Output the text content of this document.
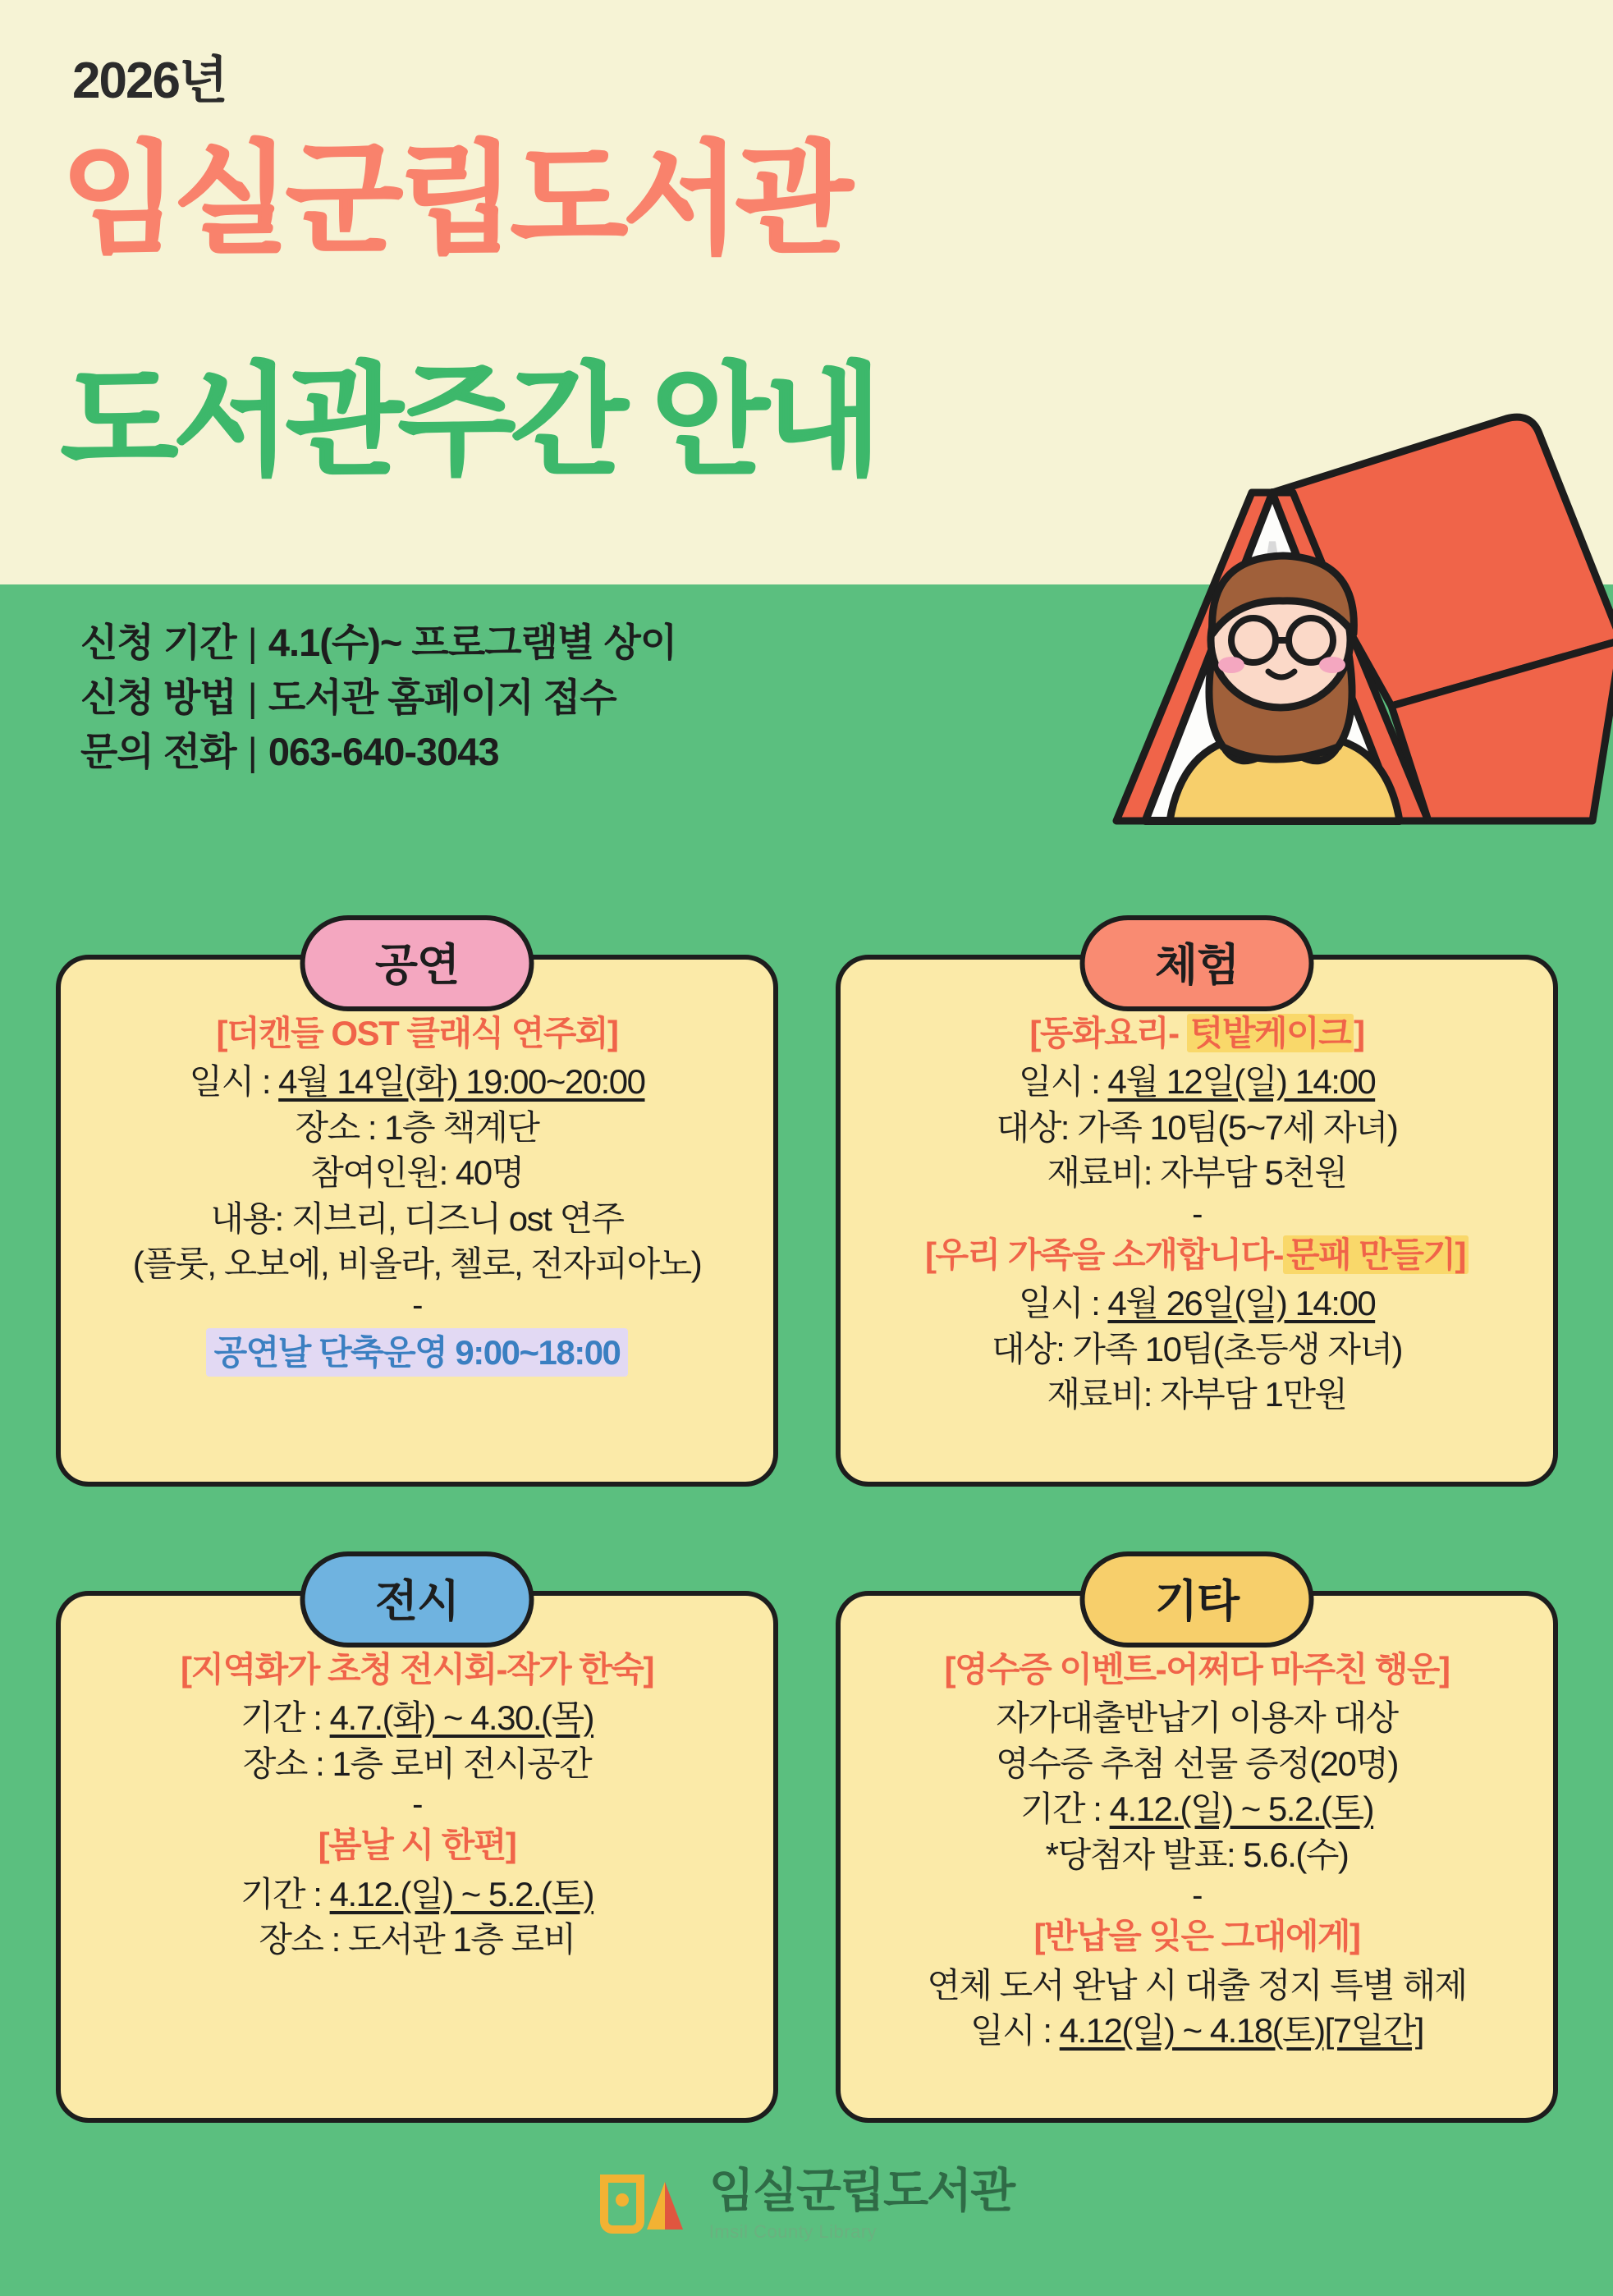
2026년
임실군립도서관
도서관주간 안내
신청 기간 | 4.1(수)~ 프로그램별 상이
신청 방법 | 도서관 홈페이지 접수
문의 전화 | 063-640-3043
공연
[더캔들 OST 클래식 연주회]
일시 : 4월 14일(화) 19:00~20:00
장소 : 1층 책계단
참여인원: 40명
내용: 지브리, 디즈니 ost 연주
(플룻, 오보에, 비올라, 첼로, 전자피아노)
-
공연날 단축운영 9:00~18:00
체험
[동화요리- 텃밭케이크]
일시 : 4월 12일(일) 14:00
대상: 가족 10팀(5~7세 자녀)
재료비: 자부담 5천원
-
[우리 가족을 소개합니다-문패 만들기]
일시 : 4월 26일(일) 14:00
대상: 가족 10팀(초등생 자녀)
재료비: 자부담 1만원
전시
[지역화가 초청 전시회-작가 한숙]
기간 : 4.7.(화) ~ 4.30.(목)
장소 : 1층 로비 전시공간
-
[봄날 시 한편]
기간 : 4.12.(일) ~ 5.2.(토)
장소 : 도서관 1층 로비
기타
[영수증 이벤트-어쩌다 마주친 행운]
자가대출반납기 이용자 대상
영수증 추첨 선물 증정(20명)
기간 : 4.12.(일) ~ 5.2.(토)
*당첨자 발표: 5.6.(수)
-
[반납을 잊은 그대에게]
연체 도서 완납 시 대출 정지 특별 해제
일시 : 4.12(일) ~ 4.18(토)[7일간]
임실군립도서관
Imsil County Library
